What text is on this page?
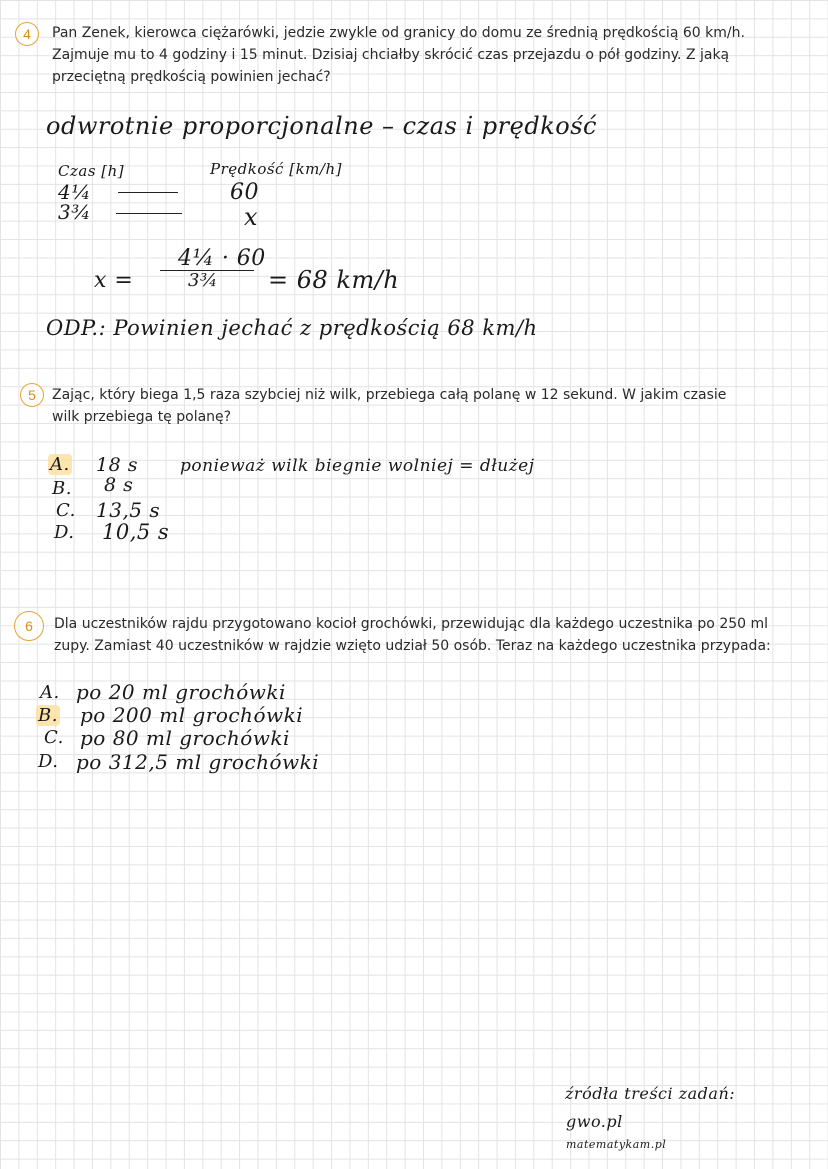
4	Pan Zenek, kierowca ciężarówki, jedzie zwykle od granicy do domu ze średnią prędkością 60 km/h. Zajmuje mu to 4 godziny i 15 minut. Dzisiaj chciałby skrócić czas przejazdu o pół godziny. Z jaką przeciętną prędkością powinien jechać?
odwrotnie proporcjonalne – czas i prędkość
Czas [h]	Prędkość [km/h]
4¼	60
3¾	x
x =
4¼ · 60
3¾ = 68 km/h
ODP.: Powinien jechać z prędkością 68 km/h
5	Zając, który biega 1,5 raza szybciej niż wilk, przebiega całą polanę w 12 sekund. W jakim czasie wilk przebiega tę polanę?
A. 18 s ponieważ wilk biegnie wolniej = dłużej
B. 8 s
C. 13,5 s
D. 10,5 s
6	Dla uczestników rajdu przygotowano kocioł grochówki, przewidując dla każdego uczestnika po 250 ml zupy. Zamiast 40 uczestników w rajdzie wzięto udział 50 osób. Teraz na każdego uczestnika przypada:
A. po 20 ml grochówki
B. po 200 ml grochówki
C. po 80 ml grochówki
D. po 312,5 ml grochówki
źródła treści zadań:
gwo.pl
matematykam.pl
